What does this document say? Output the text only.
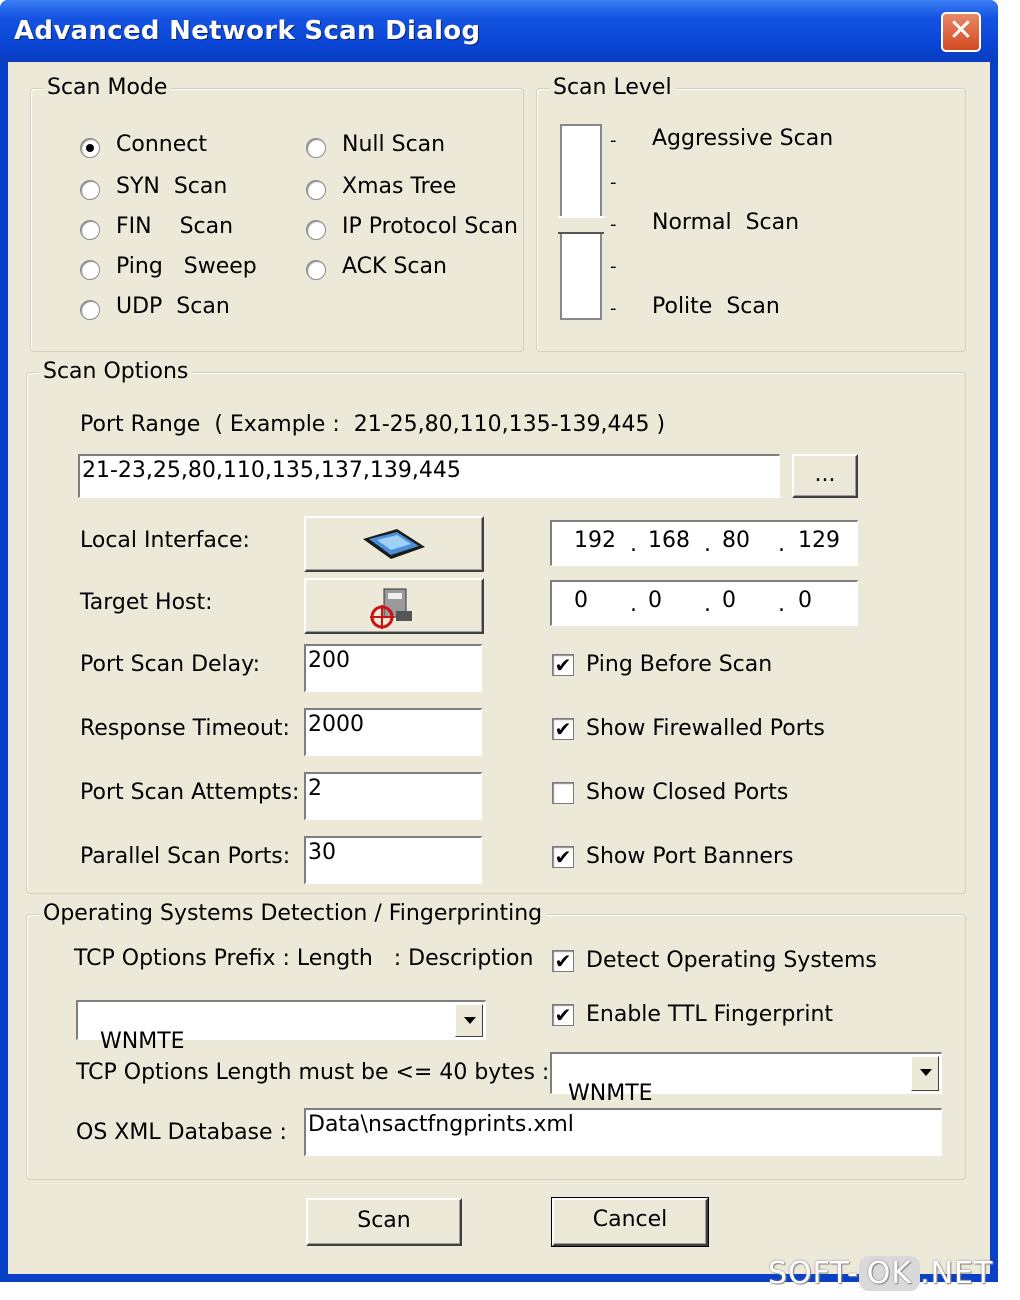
Advanced Network Scan Dialog	✕
Scan Mode
Connect
SYN  Scan
FIN    Scan
Ping   Sweep
UDP  Scan
Null Scan
Xmas Tree
IP Protocol Scan
ACK Scan
Scan Level
-
-
-
-
-
Aggressive Scan
Normal  Scan
Polite  Scan
Scan Options
Port Range  ( Example :  21-25,80,110,135-139,445 )
21-23,25,80,110,135,137,139,445	...
Local Interface:	192 . 168 . 80 . 129
Target Host:	0 . 0 . 0 . 0
Port Scan Delay: 200
Response Timeout: 2000
Port Scan Attempts: 2
Parallel Scan Ports: 30
✔ Ping Before Scan
✔ Show Firewalled Ports
Show Closed Ports
✔ Show Port Banners
Operating Systems Detection / Fingerprinting
TCP Options Prefix : Length   : Description

WNMTE

✔ Detect Operating Systems
✔ Enable TTL Fingerprint
TCP Options Length must be <= 40 bytes :

WNMTE

OS XML Database : Data\nsactfngprints.xml
Scan	Cancel
SOFT- OK .NET
